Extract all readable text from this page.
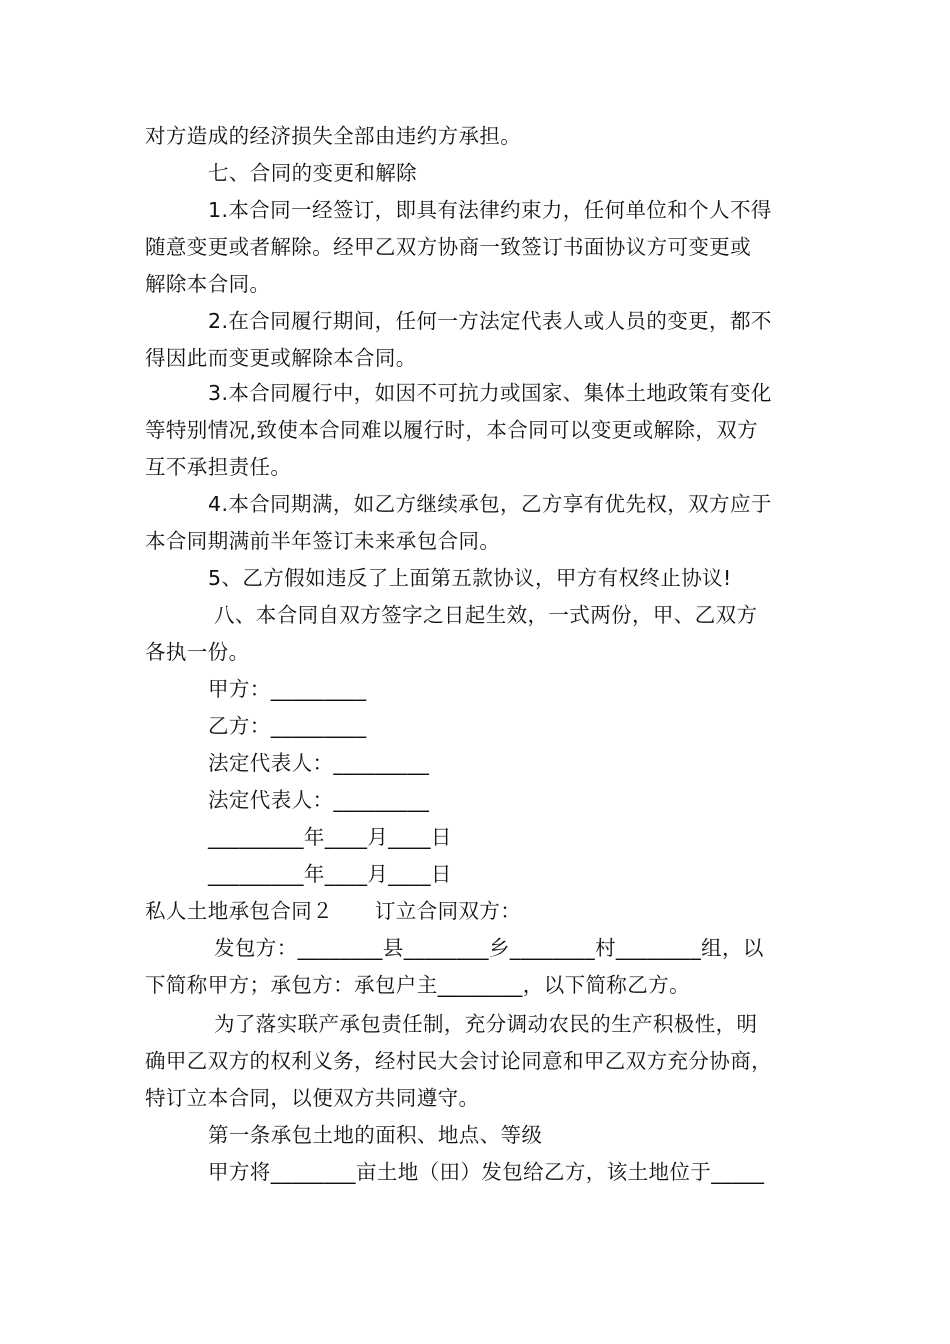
对方造成的经济损失全部由违约方承担。
七、合同的变更和解除
1.本合同一经签订，即具有法律约束力，任何单位和个人不得
随意变更或者解除。经甲乙双方协商一致签订书面协议方可变更或
解除本合同。
2.在合同履行期间，任何一方法定代表人或人员的变更，都不
得因此而变更或解除本合同。
3.本合同履行中，如因不可抗力或国家、集体土地政策有变化
等特别情况,致使本合同难以履行时，本合同可以变更或解除，双方
互不承担责任。
4.本合同期满，如乙方继续承包，乙方享有优先权，双方应于
本合同期满前半年签订未来承包合同。
5、乙方假如违反了上面第五款协议，甲方有权终止协议!
八、本合同自双方签字之日起生效，一式两份，甲、乙双方
各执一份。
甲方：_________
乙方：_________
法定代表人：_________
法定代表人：_________
_________年____月____日
_________年____月____日
私人土地承包合同２　　订立合同双方：
发包方：________县________乡________村________组，以
下简称甲方；承包方：承包户主________，以下简称乙方。
为了落实联产承包责任制，充分调动农民的生产积极性，明
确甲乙双方的权利义务，经村民大会讨论同意和甲乙双方充分协商，
特订立本合同，以便双方共同遵守。
第一条承包土地的面积、地点、等级
甲方将________亩土地（田）发包给乙方，该土地位于_____
